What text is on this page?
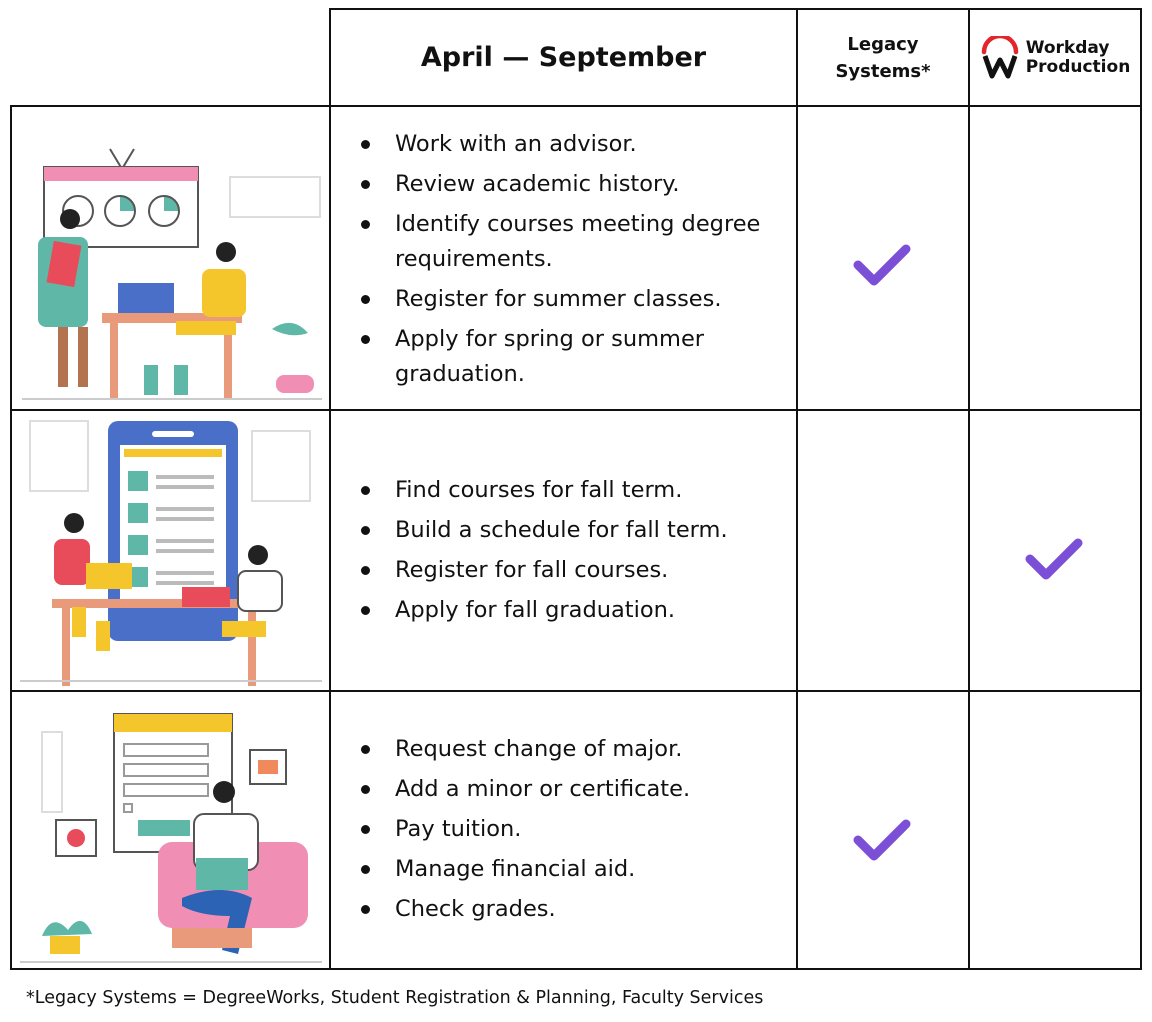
April — September	Legacy
Systems*
Workday
Production
Work with an advisor.
Review academic history.
Identify courses meeting degree requirements.
Register for summer classes.
Apply for spring or summer graduation.
Find courses for fall term.
Build a schedule for fall term.
Register for fall courses.
Apply for fall graduation.
Request change of major.
Add a minor or certificate.
Pay tuition.
Manage financial aid.
Check grades.
*Legacy Systems = DegreeWorks, Student Registration & Planning, Faculty Services
